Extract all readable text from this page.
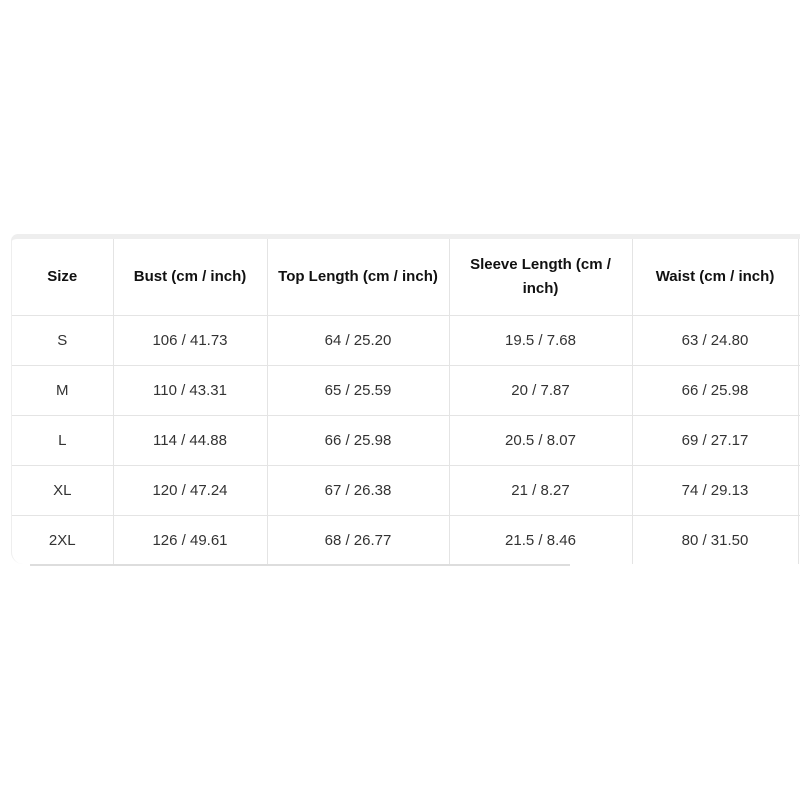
Size	Bust (cm / inch)	Top Length (cm / inch)	Sleeve Length (cm / inch)	Waist (cm / inch)	
S	106 / 41.73	64 / 25.20	19.5 / 7.68	63 / 24.80	
M	110 / 43.31	65 / 25.59	20 / 7.87	66 / 25.98	
L	114 / 44.88	66 / 25.98	20.5 / 8.07	69 / 27.17	
XL	120 / 47.24	67 / 26.38	21 / 8.27	74 / 29.13	
2XL	126 / 49.61	68 / 26.77	21.5 / 8.46	80 / 31.50	
